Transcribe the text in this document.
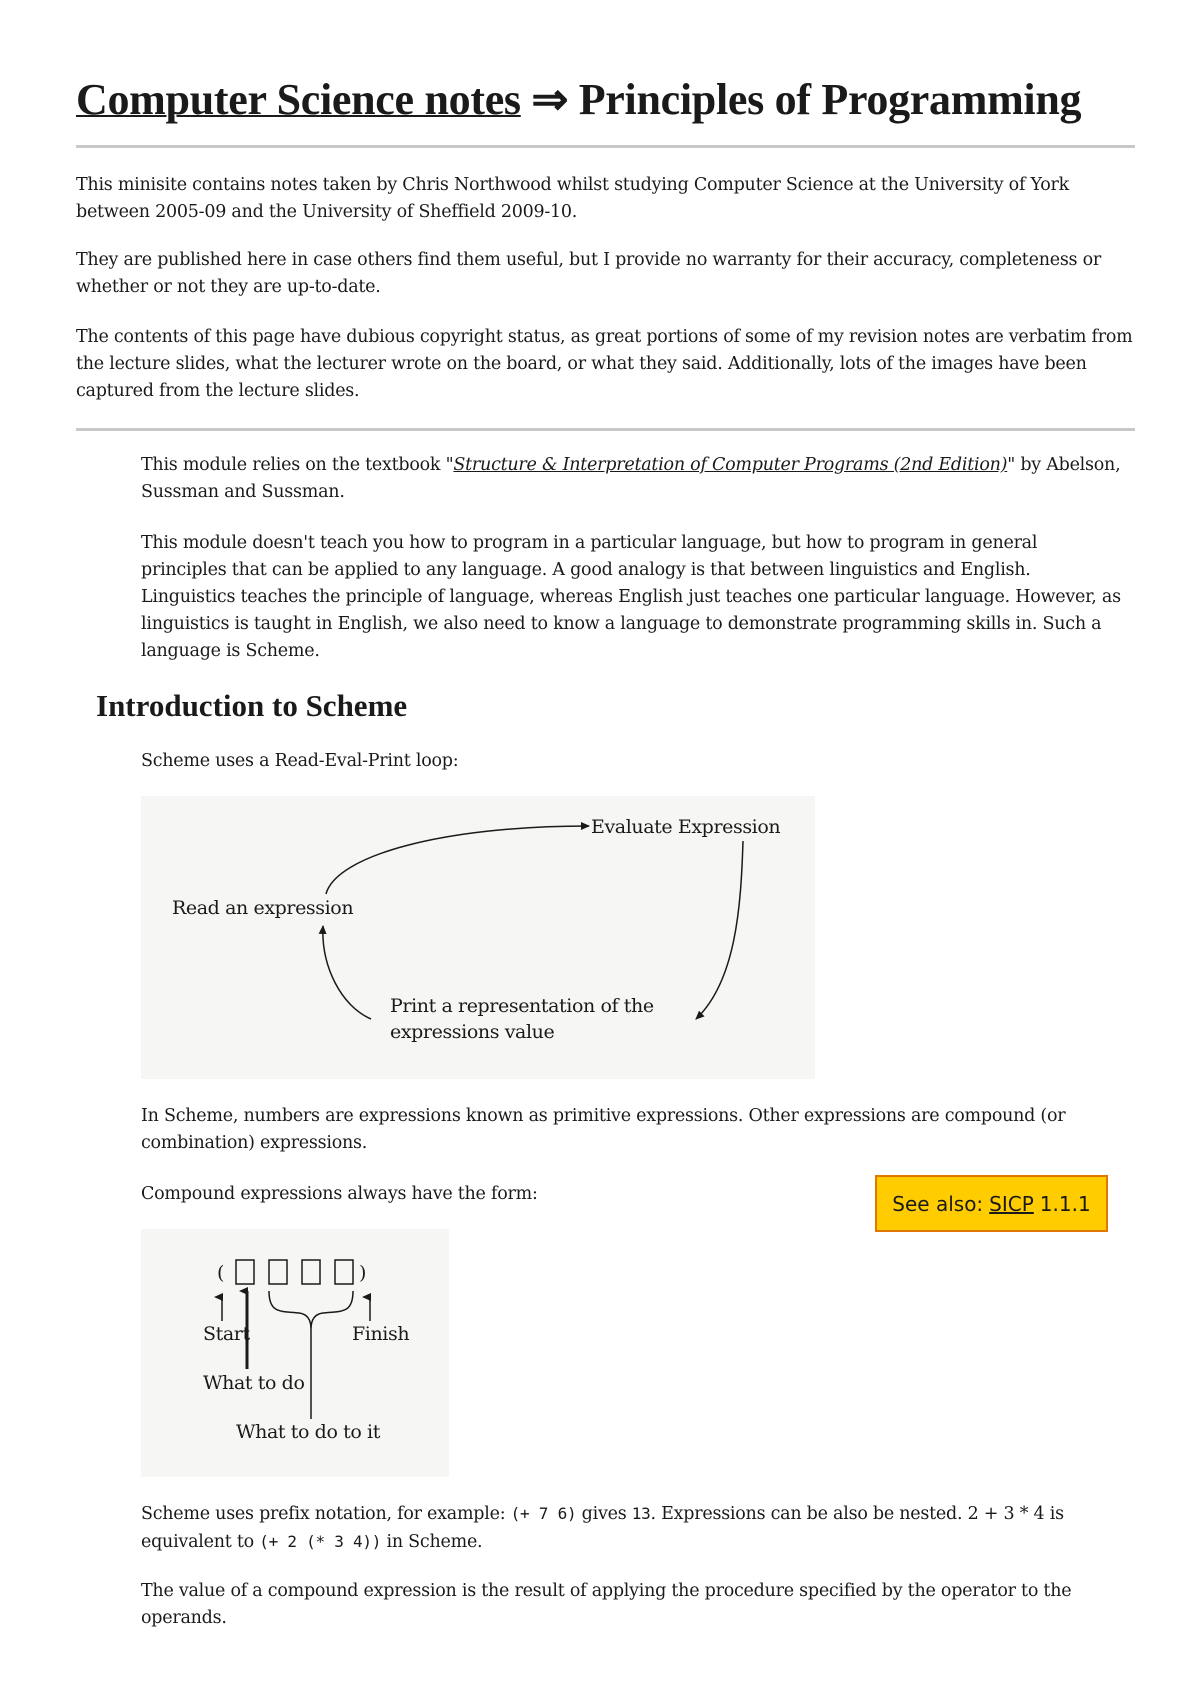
Computer Science notes ⇒ Principles of Programming

This minisite contains notes taken by Chris Northwood whilst studying Computer Science at the University of York between 2005-09 and the University of Sheffield 2009-10.

They are published here in case others find them useful, but I provide no warranty for their accuracy, completeness or whether or not they are up-to-date.

The contents of this page have dubious copyright status, as great portions of some of my revision notes are verbatim from the lecture slides, what the lecturer wrote on the board, or what they said. Additionally, lots of the images have been captured from the lecture slides.

This module relies on the textbook "Structure & Interpretation of Computer Programs (2nd Edition)" by Abelson, Sussman and Sussman.

This module doesn't teach you how to program in a particular language, but how to program in general principles that can be applied to any language. A good analogy is that between linguistics and English. Linguistics teaches the principle of language, whereas English just teaches one particular language. However, as linguistics is taught in English, we also need to know a language to demonstrate programming skills in. Such a language is Scheme.

Introduction to Scheme

Scheme uses a Read-Eval-Print loop:

Evaluate Expression
Read an expression
Print a representation of the
expressions value

In Scheme, numbers are expressions known as primitive expressions. Other expressions are compound (or combination) expressions.

Compound expressions always have the form:	See also: SICP 1.1.1
(	)
Start	Finish
What to do
What to do to it

Scheme uses prefix notation, for example: (+ 7 6) gives 13. Expressions can be also be nested. 2 + 3 * 4 is equivalent to (+ 2 (* 3 4)) in Scheme.

The value of a compound expression is the result of applying the procedure specified by the operator to the operands.
